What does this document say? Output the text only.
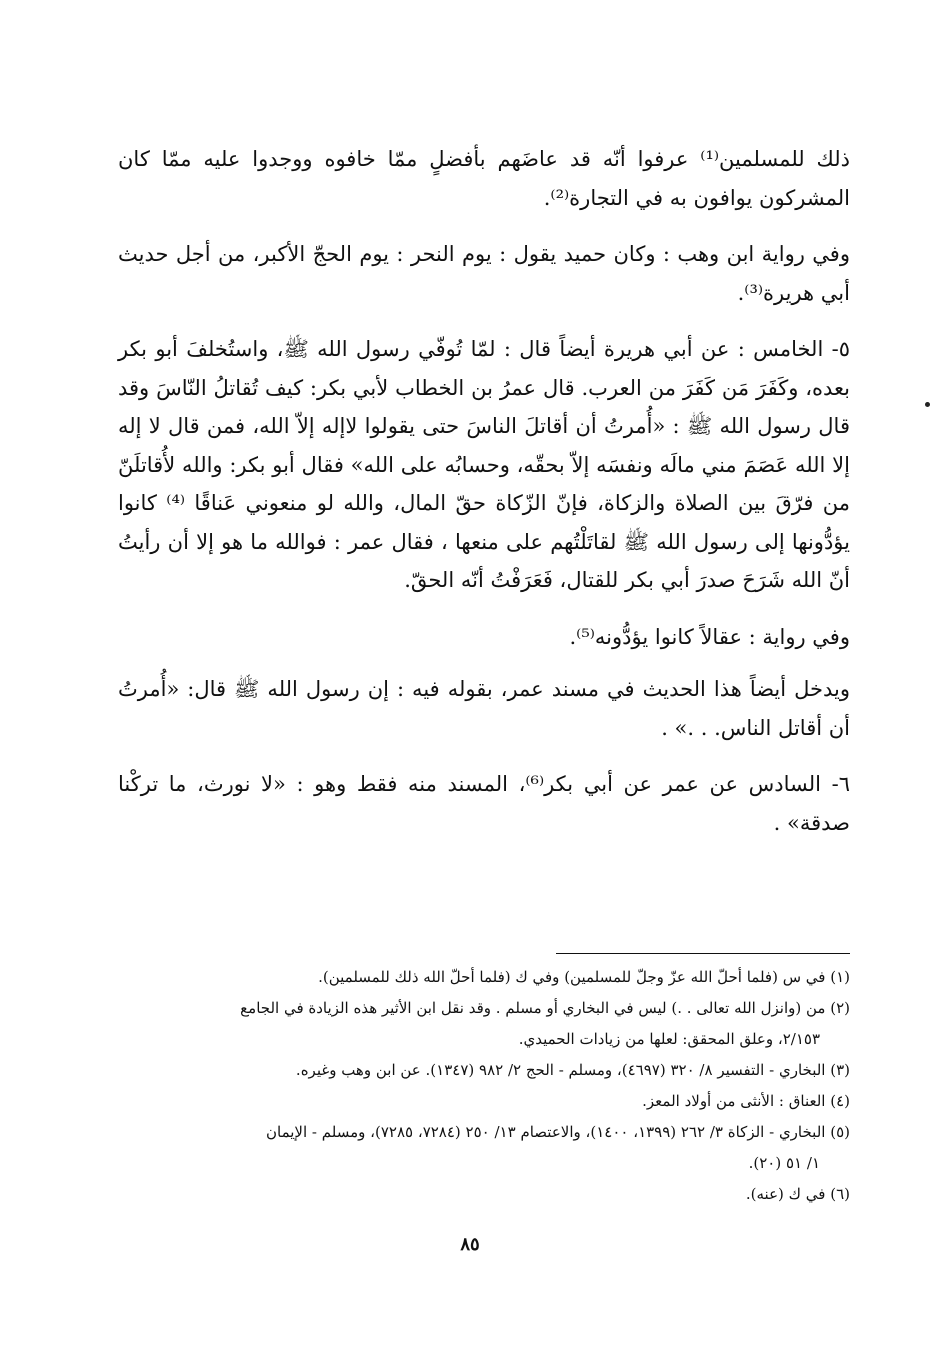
ذلك للمسلمين⁽¹⁾ عرفوا أنّه قد عاضَهم بأفضلٍ ممّا خافوه ووجدوا عليه ممّا كان المشركون يوافون به في التجارة⁽²⁾.

وفي رواية ابن وهب : وكان حميد يقول : يوم النحر : يوم الحجّ الأكبر، من أجل حديث أبي هريرة⁽³⁾.

٥- الخامس : عن أبي هريرة أيضاً قال : لمّا تُوفّي رسول الله ﷺ، واستُخلفَ أبو بكر بعده، وكَفَرَ مَن كَفَرَ من العرب. قال عمرُ بن الخطاب لأبي بكر: كيف تُقاتلُ النّاسَ وقد قال رسول الله ﷺ : «أُمرتُ أن أقاتلَ الناسَ حتى يقولوا لاإله إلاّ الله، فمن قال لا إله إلا الله عَصَمَ مني مالَه ونفسَه إلاّ بحقّه، وحسابُه على الله» فقال أبو بكر: والله لأُقاتلَنّ من فرّقَ بين الصلاة والزكاة، فإنّ الزّكاة حقّ المال، والله لو منعوني عَناقًا ⁽⁴⁾ كانوا يؤدُّونها إلى رسول الله ﷺ لقاتَلْتُهم على منعها ، فقال عمر : فوالله ما هو إلا أن رأيتُ أنّ الله شَرَحَ صدرَ أبي بكر للقتال، فَعَرَفْتُ أنّه الحقّ.

وفي رواية : عقالاً كانوا يؤدُّونه⁽⁵⁾.

ويدخل أيضاً هذا الحديث في مسند عمر، بقوله فيه : إن رسول الله ﷺ قال: «أُمرتُ أن أقاتل الناس. . .» .

٦- السادس عن عمر عن أبي بكر⁽⁶⁾، المسند منه فقط وهو : «لا نورث، ما تركْنا صدقة» .

(١) في س (فلما أحلّ الله عزّ وجلّ للمسلمين) وفي ك (فلما أحلّ الله ذلك للمسلمين).

(٢) من (وانزل الله تعالى . .) ليس في البخاري أو مسلم . وقد نقل ابن الأثير هذه الزيادة في الجامع

٢/١٥٣، وعلق المحقق: لعلها من زيادات الحميدي.

(٣) البخاري - التفسير ٨/ ٣٢٠ (٤٦٩٧)، ومسلم - الحج ٢/ ٩٨٢ (١٣٤٧). عن ابن وهب وغيره.

(٤) العناق : الأنثى من أولاد المعز.

(٥) البخاري - الزكاة ٣/ ٢٦٢ (١٣٩٩، ١٤٠٠)، والاعتصام ١٣/ ٢٥٠ (٧٢٨٤، ٧٢٨٥)، ومسلم - الإيمان

١/ ٥١ (٢٠).

(٦) في ك (عنه).

٨٥
